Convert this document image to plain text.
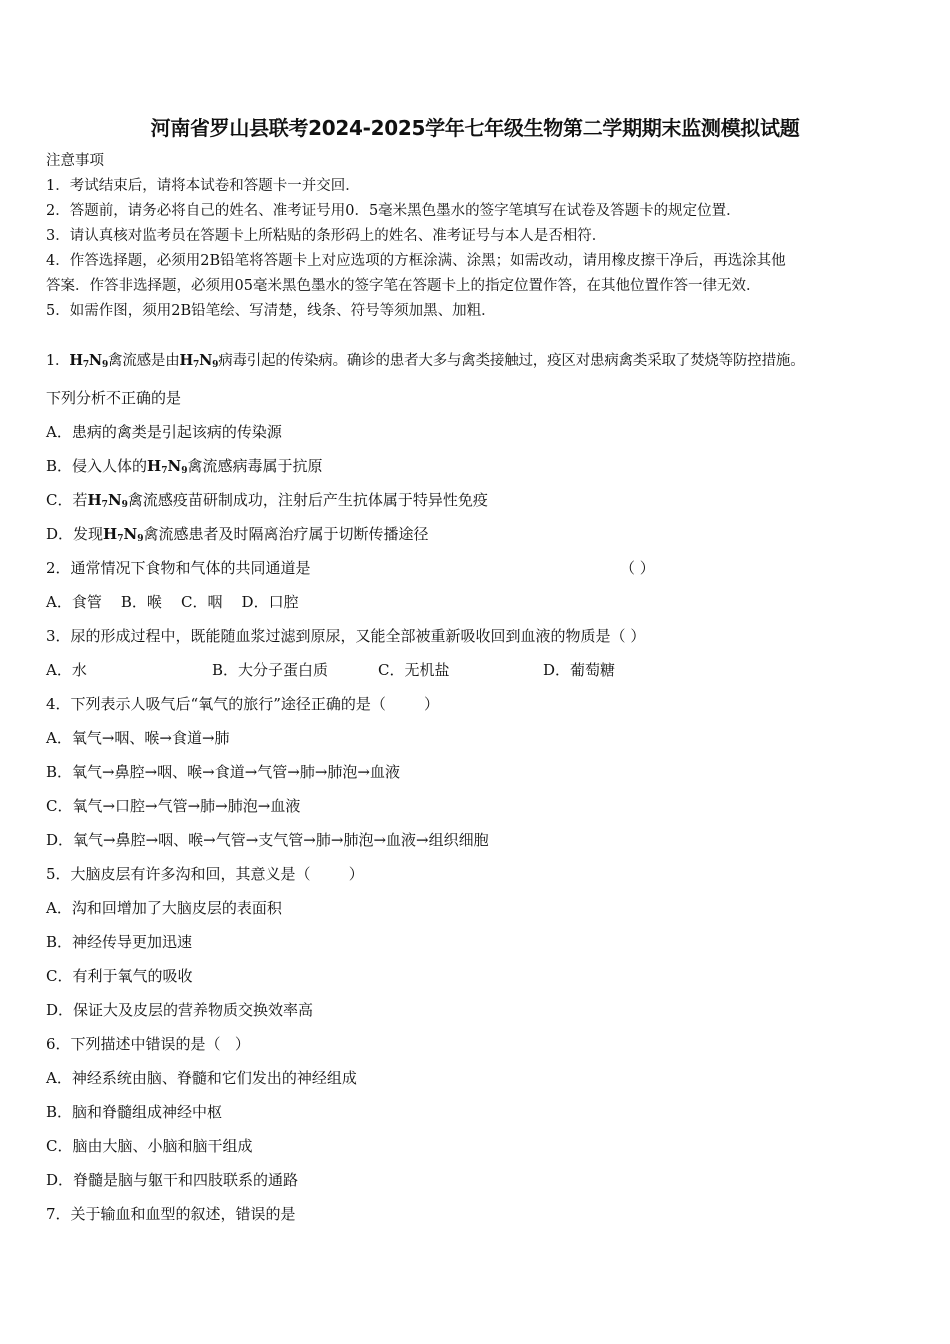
河南省罗山县联考2024-2025学年七年级生物第二学期期末监测模拟试题
注意事项
1．考试结束后，请将本试卷和答题卡一并交回．
2．答题前，请务必将自己的姓名、准考证号用0．5毫米黑色墨水的签字笔填写在试卷及答题卡的规定位置．
3．请认真核对监考员在答题卡上所粘贴的条形码上的姓名、准考证号与本人是否相符．
4．作答选择题，必须用2B铅笔将答题卡上对应选项的方框涂满、涂黑；如需改动，请用橡皮擦干净后，再选涂其他
答案．作答非选择题，必须用05毫米黑色墨水的签字笔在答题卡上的指定位置作答，在其他位置作答一律无效．
5．如需作图，须用2B铅笔绘、写清楚，线条、符号等须加黑、加粗．
1．$H_7N_9$禽流感是由$H_7N_9$病毒引起的传染病。确诊的患者大多与禽类接触过，疫区对患病禽类采取了焚烧等防控措施。
下列分析不正确的是
A．患病的禽类是引起该病的传染源
B．侵入人体的$H_7N_9$禽流感病毒属于抗原
C．若$H_7N_9$禽流感疫苗研制成功，注射后产生抗体属于特异性免疫
D．发现$H_7N_9$禽流感患者及时隔离治疗属于切断传播途径
2．通常情况下食物和气体的共同通道是	（ ）
A．食管    B．喉    C．咽    D．口腔
3．尿的形成过程中，既能随血浆过滤到原尿，又能全部被重新吸收回到血液的物质是（ ）
A．水	B．大分子蛋白质	C．无机盐	D．葡萄糖
4．下列表示人吸气后“氧气的旅行”途径正确的是（        ）
A．氧气→咽、喉→食道→肺
B．氧气→鼻腔→咽、喉→食道→气管→肺→肺泡→血液
C．氧气→口腔→气管→肺→肺泡→血液
D．氧气→鼻腔→咽、喉→气管→支气管→肺→肺泡→血液→组织细胞
5．大脑皮层有许多沟和回，其意义是（        ）
A．沟和回增加了大脑皮层的表面积
B．神经传导更加迅速
C．有利于氧气的吸收
D．保证大及皮层的营养物质交换效率高
6．下列描述中错误的是（   ）
A．神经系统由脑、脊髓和它们发出的神经组成
B．脑和脊髓组成神经中枢
C．脑由大脑、小脑和脑干组成
D．脊髓是脑与躯干和四肢联系的通路
7．关于输血和血型的叙述，错误的是
